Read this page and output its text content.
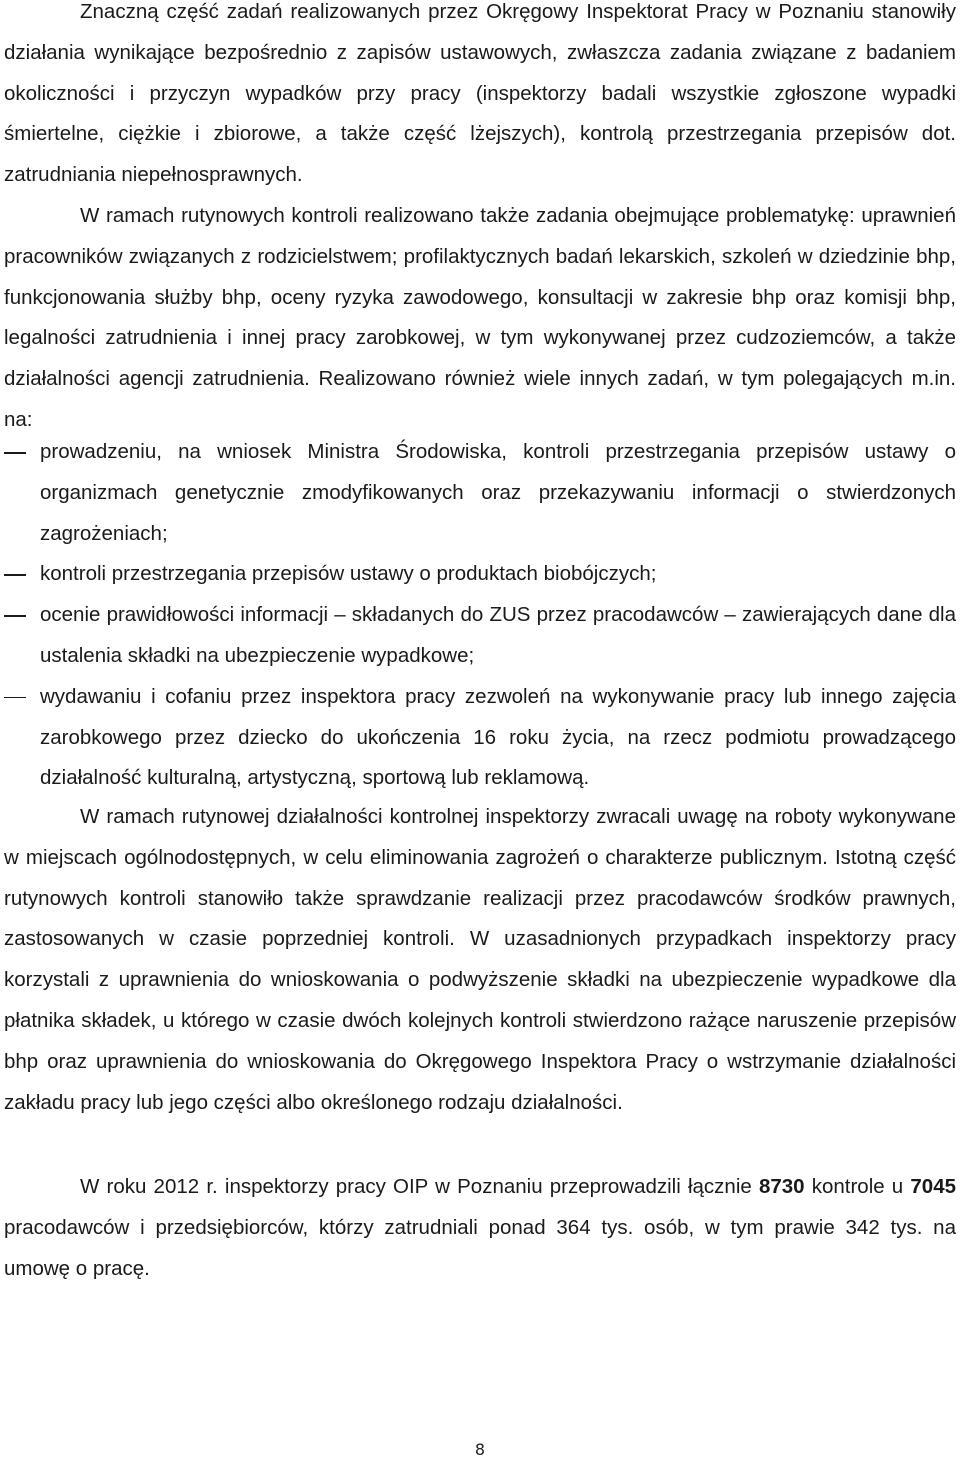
Znaczną część zadań realizowanych przez Okręgowy Inspektorat Pracy w Poznaniu stanowiły działania wynikające bezpośrednio z zapisów ustawowych, zwłaszcza zadania związane z badaniem okoliczności i przyczyn wypadków przy pracy (inspektorzy badali wszystkie zgłoszone wypadki śmiertelne, ciężkie i zbiorowe, a także część lżejszych), kontrolą przestrzegania przepisów dot. zatrudniania niepełnosprawnych.

W ramach rutynowych kontroli realizowano także zadania obejmujące problematykę: uprawnień pracowników związanych z rodzicielstwem; profilaktycznych badań lekarskich, szkoleń w dziedzinie bhp, funkcjonowania służby bhp, oceny ryzyka zawodowego, konsultacji w zakresie bhp oraz komisji bhp, legalności zatrudnienia i innej pracy zarobkowej, w tym wykonywanej przez cudzoziemców, a także działalności agencji zatrudnienia. Realizowano również wiele innych zadań, w tym polegających m.in. na:

prowadzeniu, na wniosek Ministra Środowiska, kontroli przestrzegania przepisów ustawy o organizmach genetycznie zmodyfikowanych oraz przekazywaniu informacji o stwierdzonych zagrożeniach;
kontroli przestrzegania przepisów ustawy o produktach biobójczych;
ocenie prawidłowości informacji – składanych do ZUS przez pracodawców – zawierających dane dla ustalenia składki na ubezpieczenie wypadkowe;
wydawaniu i cofaniu przez inspektora pracy zezwoleń na wykonywanie pracy lub innego zajęcia zarobkowego przez dziecko do ukończenia 16 roku życia, na rzecz podmiotu prowadzącego działalność kulturalną, artystyczną, sportową lub reklamową.

W ramach rutynowej działalności kontrolnej inspektorzy zwracali uwagę na roboty wykonywane w miejscach ogólnodostępnych, w celu eliminowania zagrożeń o charakterze publicznym. Istotną część rutynowych kontroli stanowiło także sprawdzanie realizacji przez pracodawców środków prawnych, zastosowanych w czasie poprzedniej kontroli. W uzasadnionych przypadkach inspektorzy pracy korzystali z uprawnienia do wnioskowania o podwyższenie składki na ubezpieczenie wypadkowe dla płatnika składek, u którego w czasie dwóch kolejnych kontroli stwierdzono rażące naruszenie przepisów bhp oraz uprawnienia do wnioskowania do Okręgowego Inspektora Pracy o wstrzymanie działalności zakładu pracy lub jego części albo określonego rodzaju działalności.

W roku 2012 r. inspektorzy pracy OIP w Poznaniu przeprowadzili łącznie 8730 kontrole u 7045 pracodawców i przedsiębiorców, którzy zatrudniali ponad 364 tys. osób, w tym prawie 342 tys. na umowę o pracę.

8
